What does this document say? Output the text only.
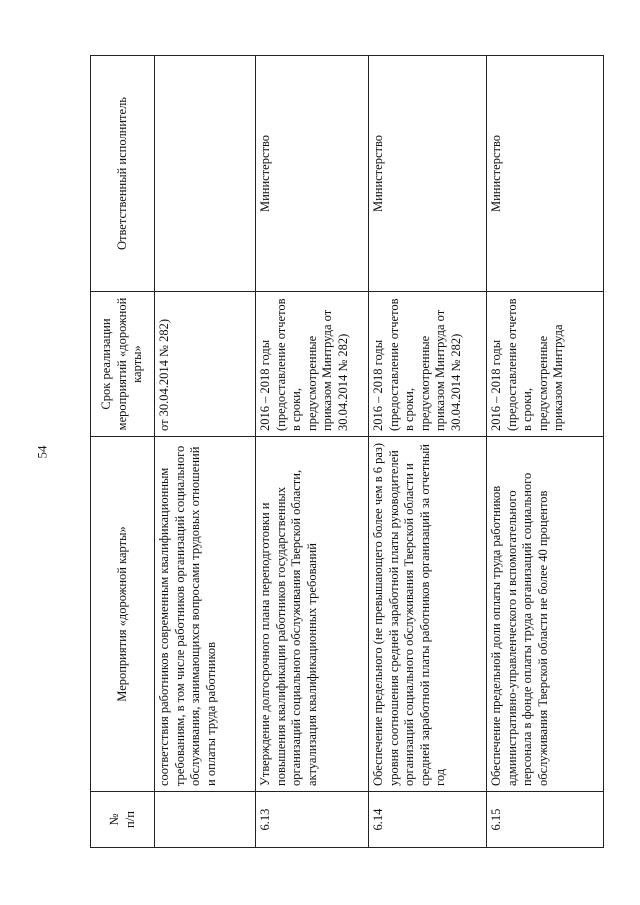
54
№
п/п	Мероприятия «дорожной карты»	Срок реализации мероприятий «дорожной карты»	Ответственный исполнитель
	соответствия работников современным квалификационным требованиям, в том числе работников организаций социального обслуживания, занимающихся вопросами трудовых отношений и оплаты труда работников	от 30.04.2014 № 282)	
6.13	Утверждение долгосрочного плана переподготовки и повышения квалификации работников государственных организаций социального обслуживания Тверской области, актуализация квалификационных требований	2016 – 2018 годы (предоставление отчетов в сроки, предусмотренные приказом Минтруда от 30.04.2014 № 282)	Министерство
6.14	Обеспечение предельного (не превышающего более чем в 6 раз) уровня соотношения средней заработной платы руководителей организаций социального обслуживания Тверской области и средней заработной платы работников организаций за отчетный год	2016 – 2018 годы (предоставление отчетов в сроки, предусмотренные приказом Минтруда от 30.04.2014 № 282)	Министерство
6.15	Обеспечение предельной доли оплаты труда работников административно-управленческого и вспомогательного персонала в фонде оплаты труда организаций социального обслуживания Тверской области не более 40 процентов	2016 – 2018 годы (предоставление отчетов в сроки, предусмотренные приказом Минтруда	Министерство
